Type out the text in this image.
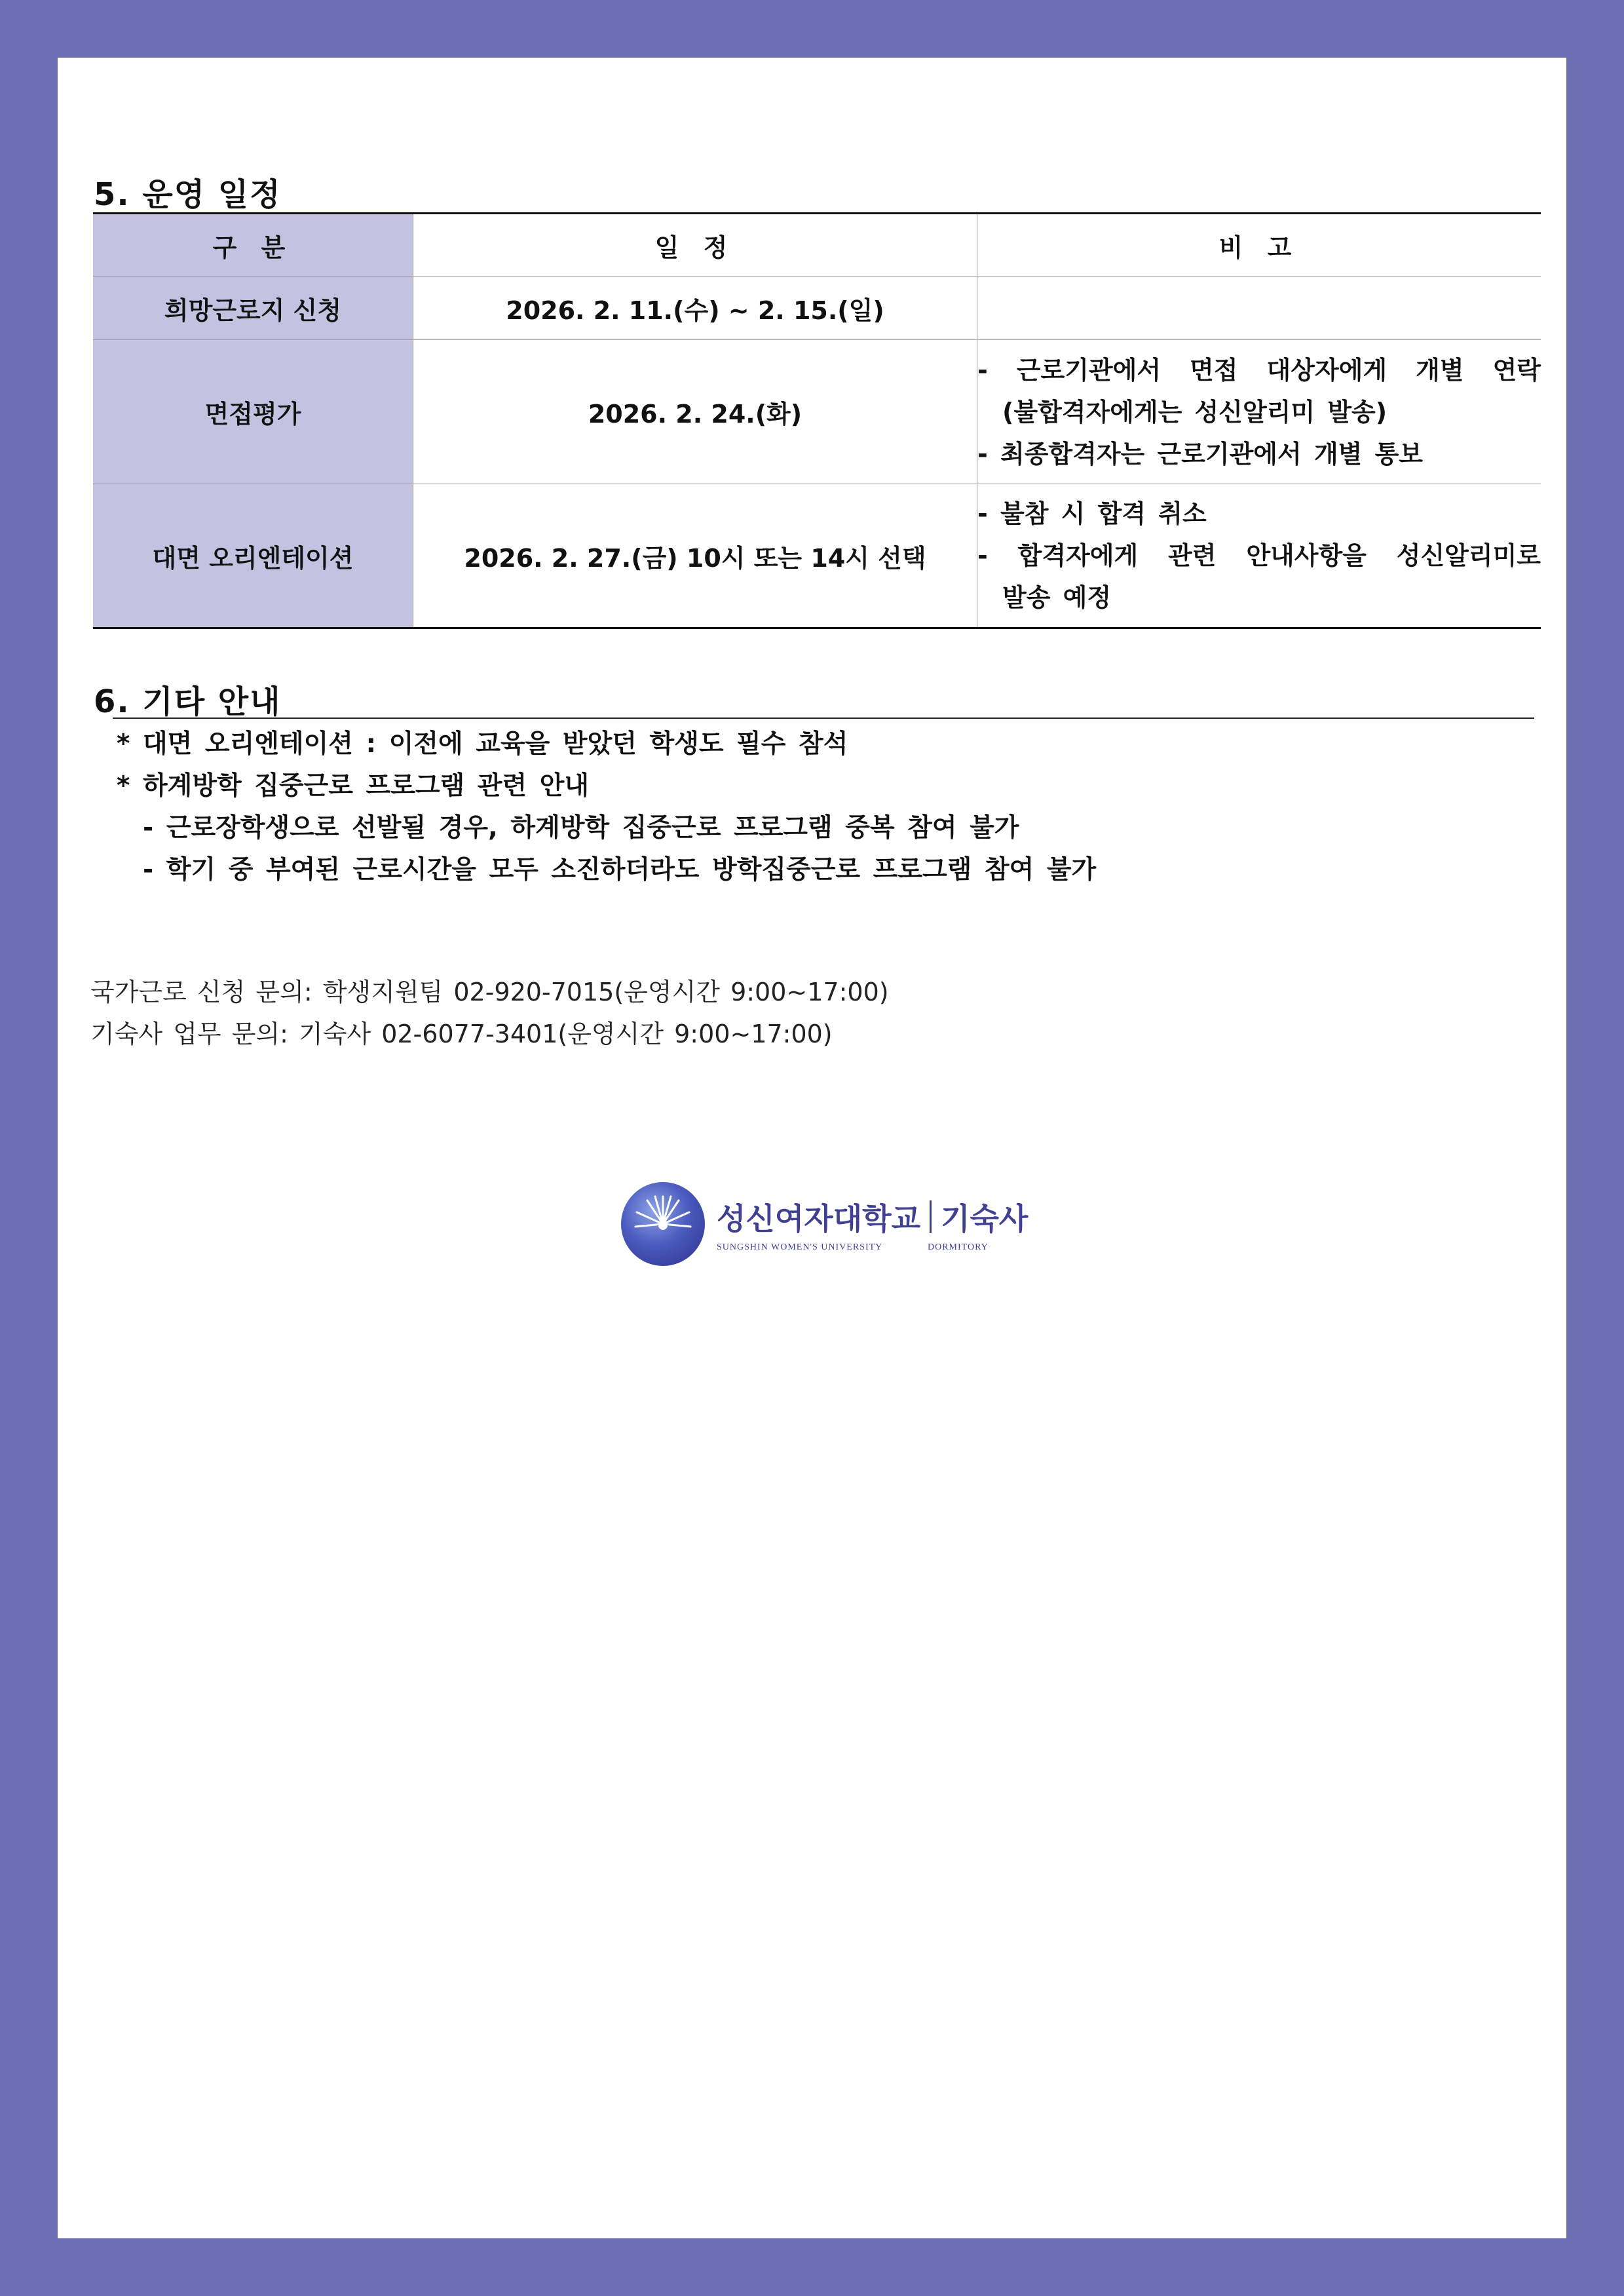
5. 운영 일정
구 분	일 정	비 고
희망근로지 신청	2026. 2. 11.(수) ~ 2. 15.(일)	
면접평가	2026. 2. 24.(화)	- 근로기관에서 면접 대상자에게 개별 연락
(불합격자에게는 성신알리미 발송)
- 최종합격자는 근로기관에서 개별 통보

대면 오리엔테이션	2026. 2. 27.(금) 10시 또는 14시 선택	- 불참 시 합격 취소
- 합격자에게 관련 안내사항을 성신알리미로
발송 예정
6. 기타 안내
* 대면 오리엔테이션 : 이전에 교육을 받았던 학생도 필수 참석
* 하계방학 집중근로 프로그램 관련 안내
- 근로장학생으로 선발될 경우, 하계방학 집중근로 프로그램 중복 참여 불가
- 학기 중 부여된 근로시간을 모두 소진하더라도 방학집중근로 프로그램 참여 불가
국가근로 신청 문의: 학생지원팀 02-920-7015(운영시간 9:00~17:00)
기숙사 업무 문의: 기숙사 02-6077-3401(운영시간 9:00~17:00)
성신여자대학교 기숙사
SUNGSHIN WOMEN'S UNIVERSITY	DORMITORY
